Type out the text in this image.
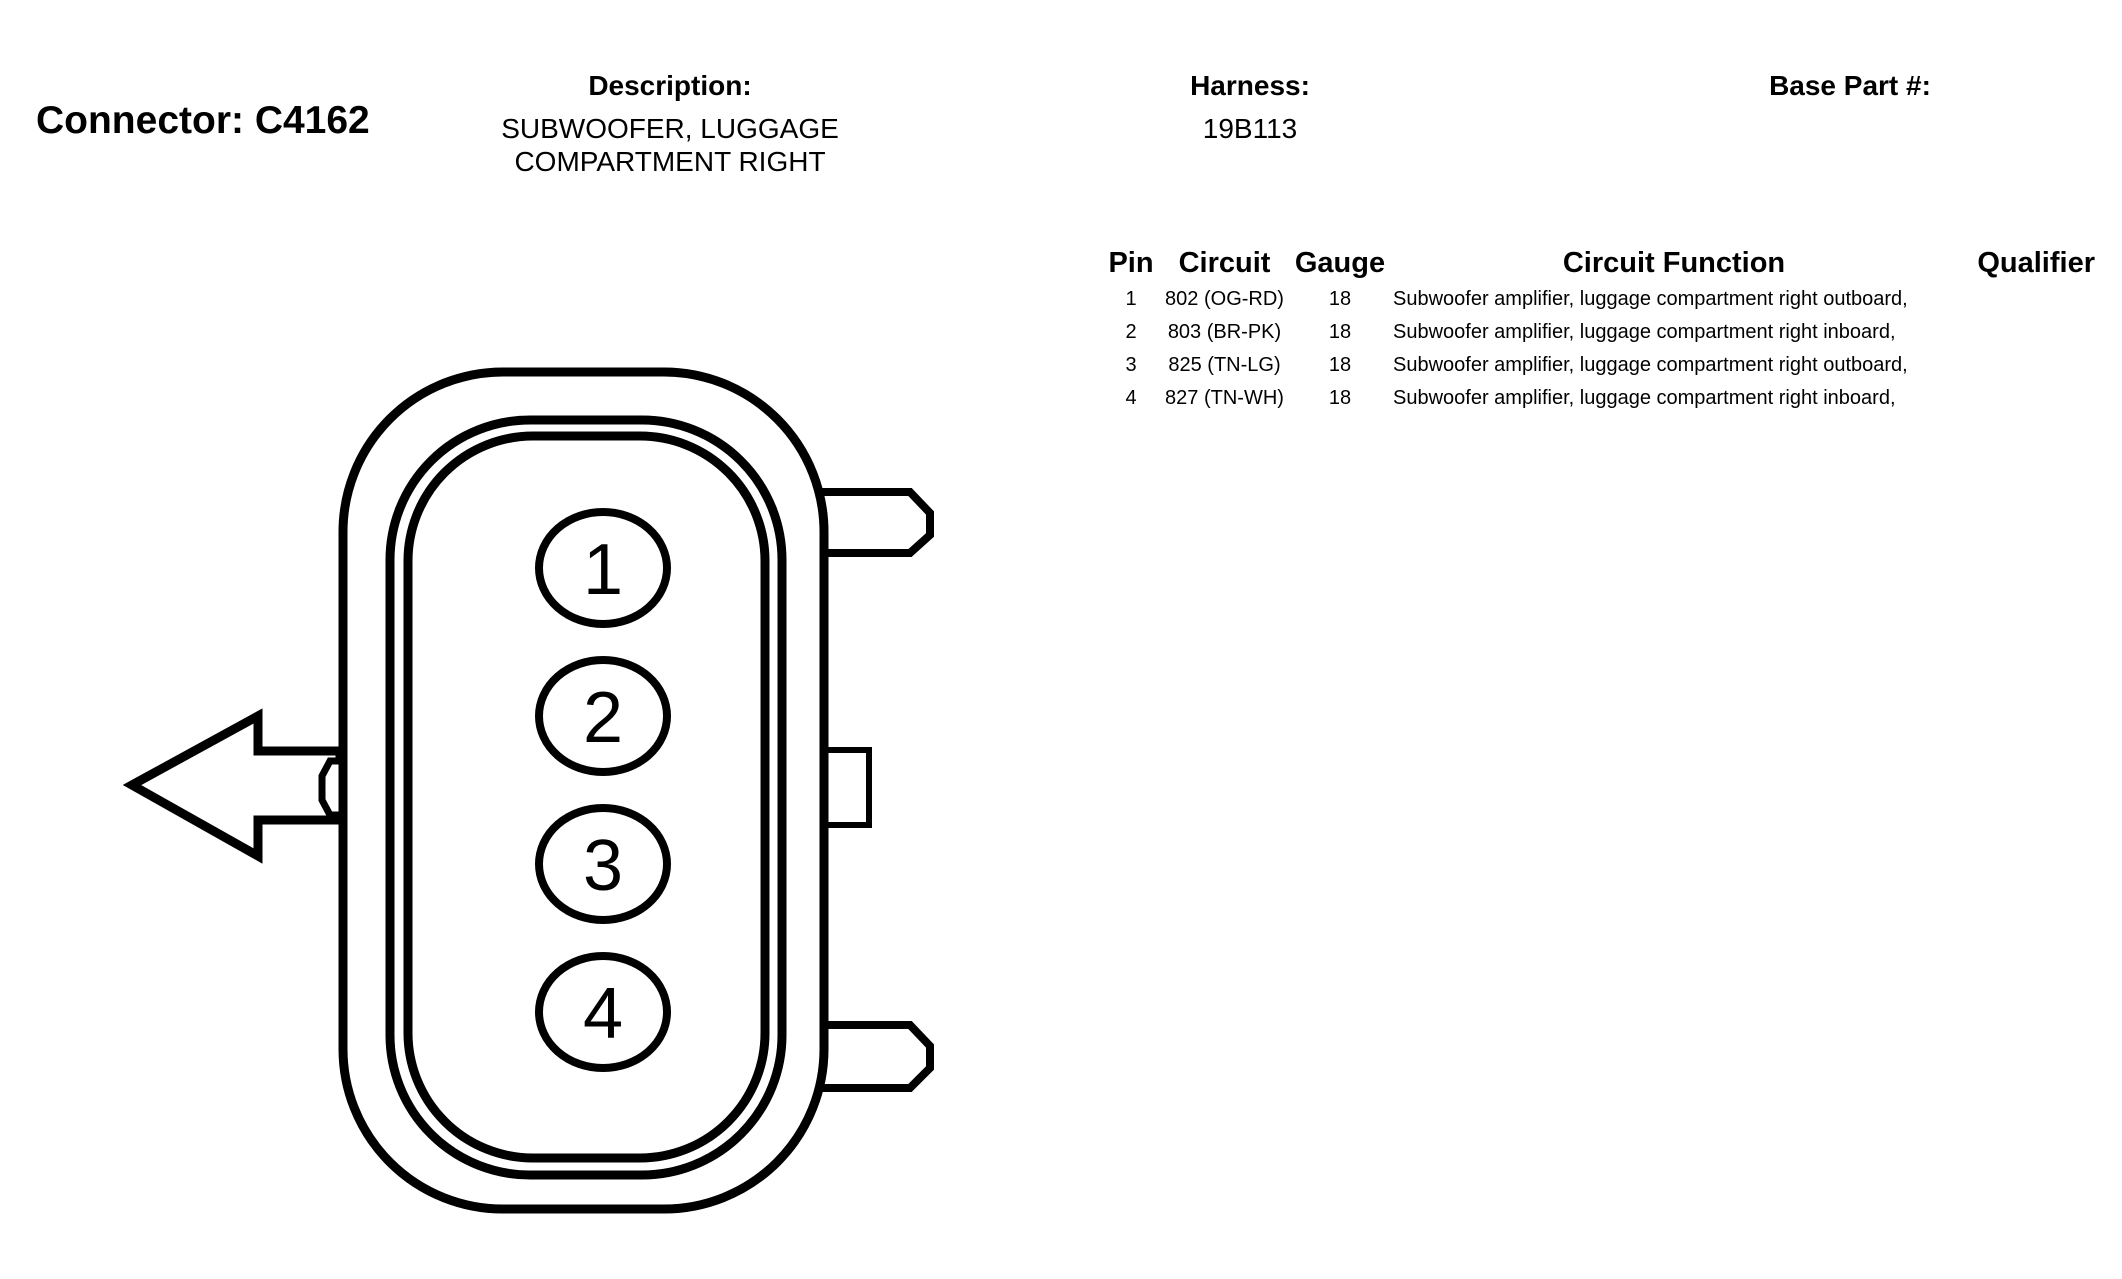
Connector: C4162
Description:
SUBWOOFER, LUGGAGE
COMPARTMENT RIGHT
Harness:
19B113
Base Part #:
Pin	Circuit	Gauge	Circuit Function	Qualifier
1	802 (OG-RD)	18	Subwoofer amplifier, luggage compartment right outboard,	
2	803 (BR-PK)	18	Subwoofer amplifier, luggage compartment right inboard,	
3	825 (TN-LG)	18	Subwoofer amplifier, luggage compartment right outboard,	
4	827 (TN-WH)	18	Subwoofer amplifier, luggage compartment right inboard,	
1
2
3
4
